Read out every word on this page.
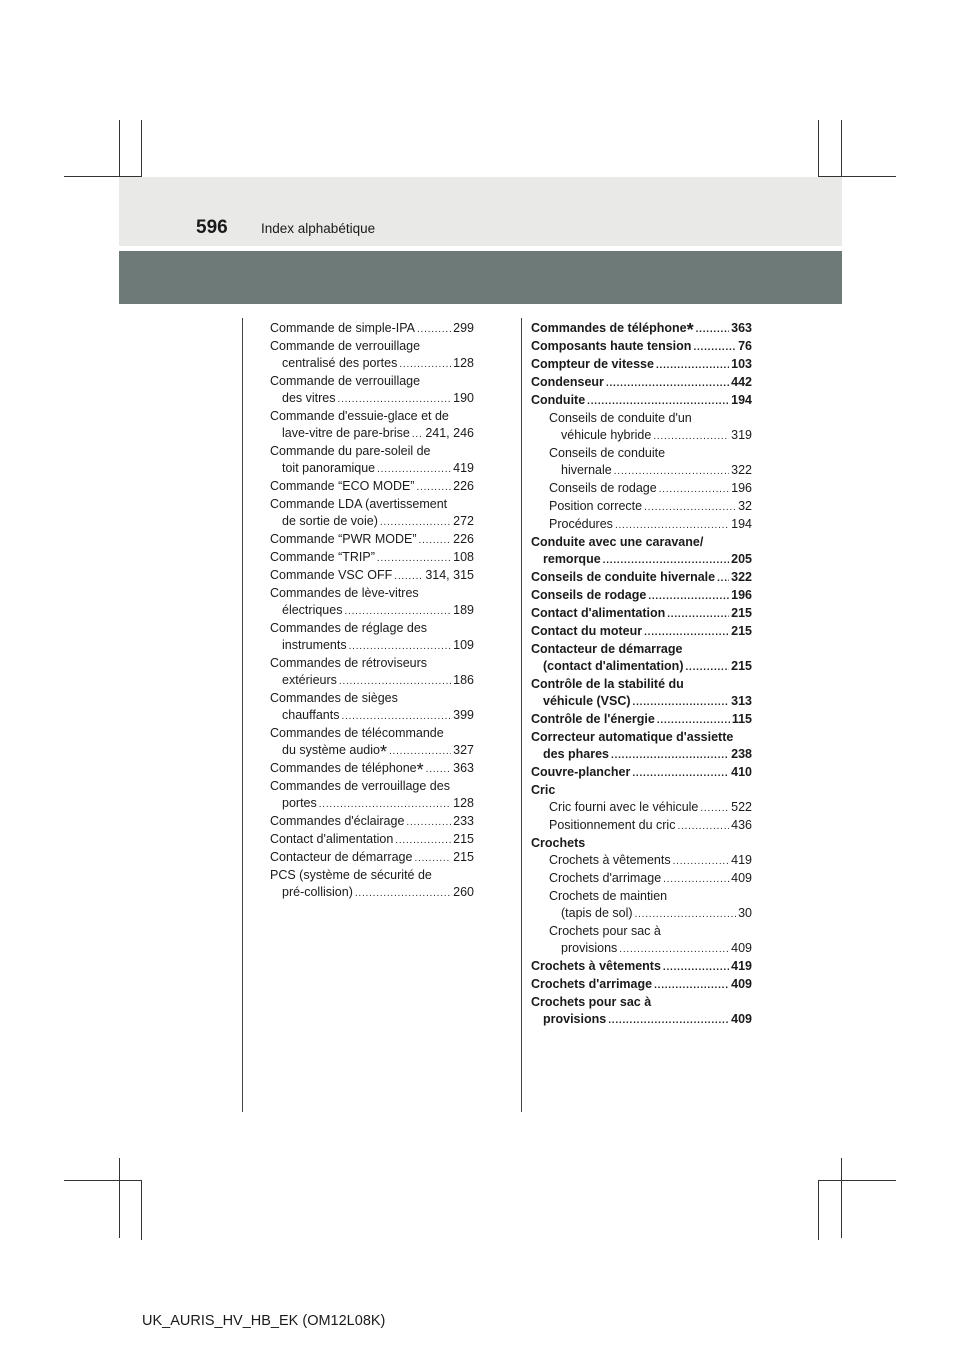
596 Index alphabétique
Commande de simple-IPA . . .	299
Commande de verrouillage
centralisé des portes . . .	128
Commande de verrouillage
des vitres . . .	190
Commande d'essuie-glace et de
lave-vitre de pare-brise . . . 241, 246
Commande du pare-soleil de
toit panoramique . . .	419
Commande “ECO MODE” . . .	226
Commande LDA (avertissement
de sortie de voie) . . .	272
Commande “PWR MODE” . . .	226
Commande “TRIP” . . .	108
Commande VSC OFF . . .	314, 315
Commandes de lève-vitres
électriques . . .	189
Commandes de réglage des
instruments . . .	109
Commandes de rétroviseurs
extérieurs . . .	186
Commandes de sièges
chauffants . . .	399
Commandes de télécommande
du système audio * . . .	327
Commandes de téléphone * . . . 363
Commandes de verrouillage des
portes . . .	128
Commandes d'éclairage . . .	233
Contact d'alimentation . . .	215
Contacteur de démarrage . . .	215
PCS (système de sécurité de
pré-collision) . . .	260
Commandes de téléphone * . . .	363
Composants haute tension . . .	76
Compteur de vitesse . . .	103
Condenseur . . .	442
Conduite . . .	194
Conseils de conduite d'un
véhicule hybride . . .	319
Conseils de conduite
hivernale . . .	322
Conseils de rodage . . .	196
Position correcte . . .	32
Procédures . . .	194
Conduite avec une caravane/
remorque . . .	205
Conseils de conduite hivernale . . . 322
Conseils de rodage . . .	196
Contact d'alimentation . . .	215
Contact du moteur . . .	215
Contacteur de démarrage
(contact d'alimentation) . . .	215
Contrôle de la stabilité du
véhicule (VSC) . . .	313
Contrôle de l'énergie . . .	115
Correcteur automatique d'assiette
des phares . . .	238
Couvre-plancher . . .	410
Cric
Cric fourni avec le véhicule . . .	522
Positionnement du cric . . .	436
Crochets
Crochets à vêtements . . .	419
Crochets d'arrimage . . .	409
Crochets de maintien
(tapis de sol) . . .	30
Crochets pour sac à
provisions . . .	409
Crochets à vêtements . . .	419
Crochets d'arrimage . . .	409
Crochets pour sac à
provisions . . .	409
UK_AURIS_HV_HB_EK (OM12L08K)
